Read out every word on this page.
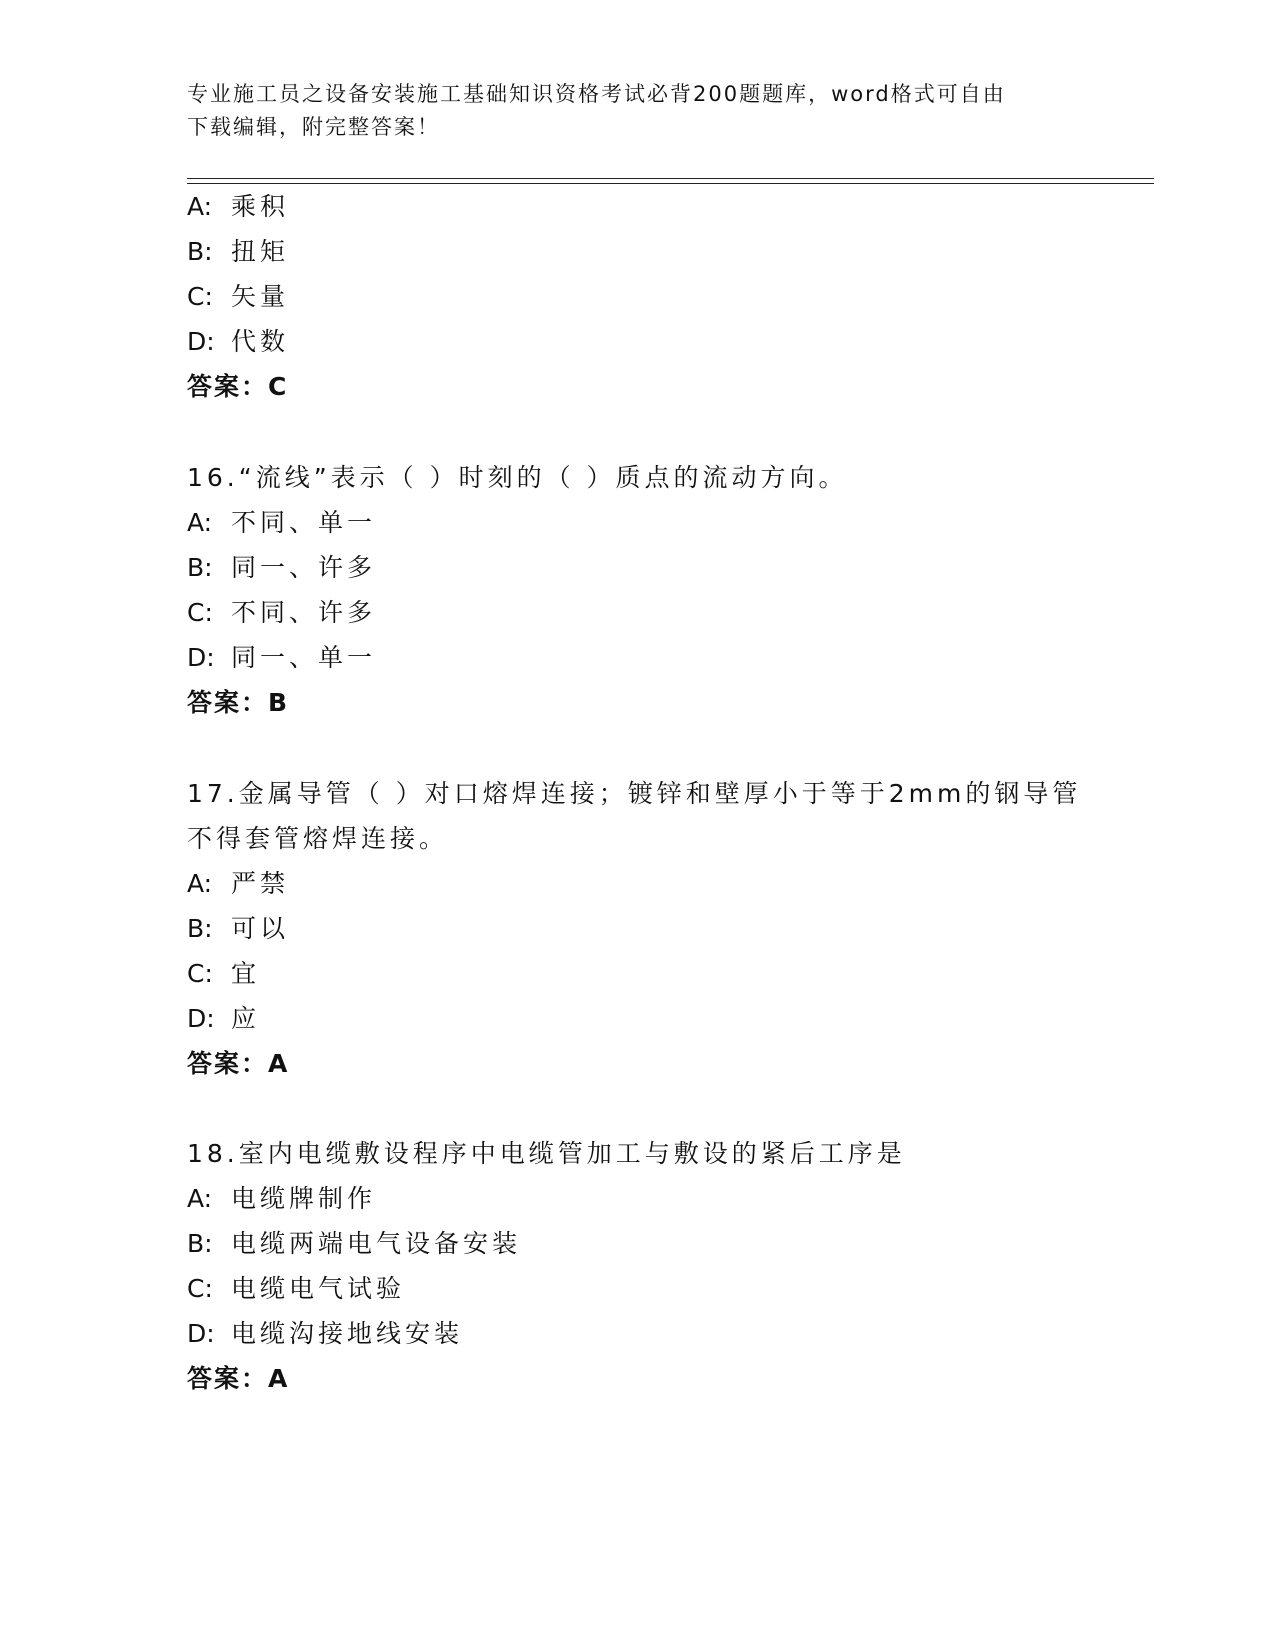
专业施工员之设备安装施工基础知识资格考试必背200题题库，word格式可自由
下载编辑，附完整答案！
A: 乘积
B: 扭矩
C: 矢量
D: 代数
答案：C
16.“流线”表示（ ）时刻的（ ）质点的流动方向。
A: 不同、单一
B: 同一、许多
C: 不同、许多
D: 同一、单一
答案：B
17.金属导管（ ）对口熔焊连接；镀锌和壁厚小于等于2mm的钢导管
不得套管熔焊连接。
A: 严禁
B: 可以
C: 宜
D: 应
答案：A
18.室内电缆敷设程序中电缆管加工与敷设的紧后工序是
A: 电缆牌制作
B: 电缆两端电气设备安装
C: 电缆电气试验
D: 电缆沟接地线安装
答案：A
